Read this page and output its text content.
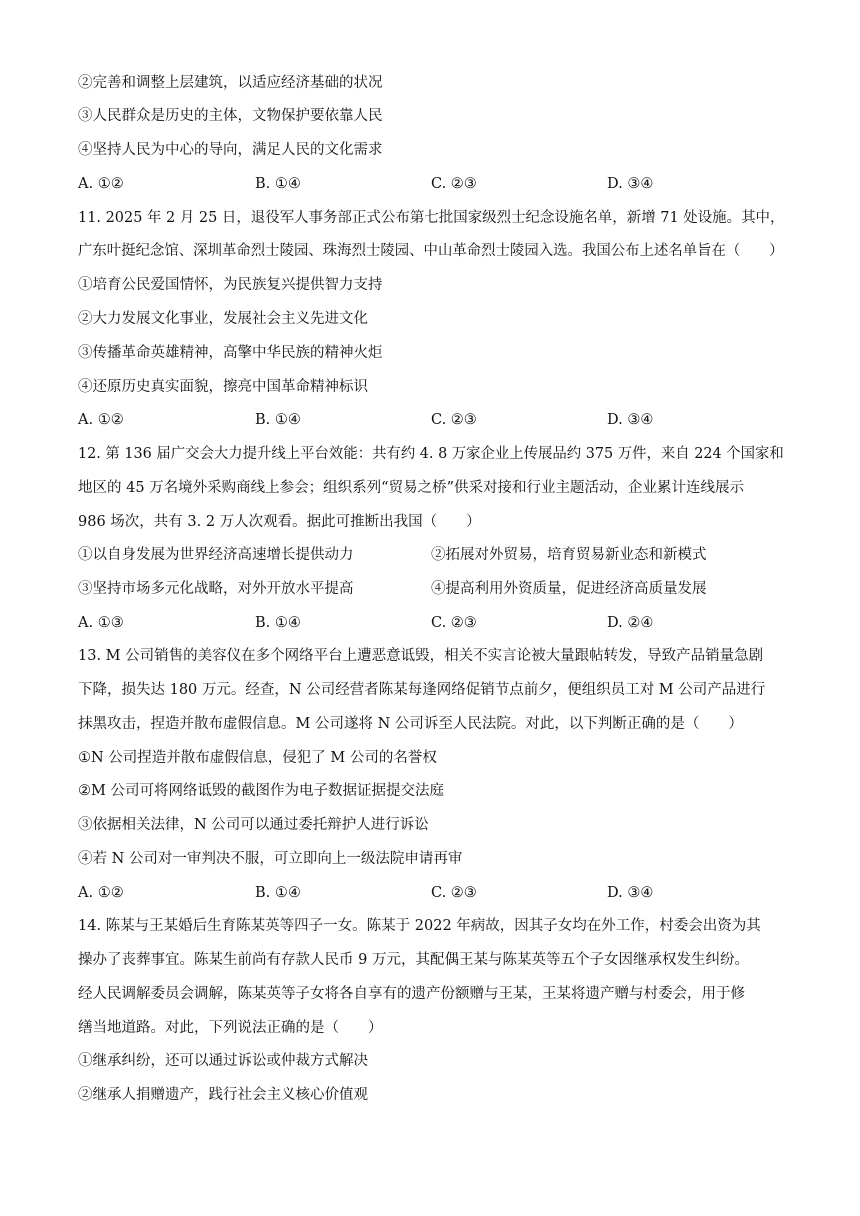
②完善和调整上层建筑，以适应经济基础的状况
③人民群众是历史的主体，文物保护要依靠人民
④坚持人民为中心的导向，满足人民的文化需求
A. ①②	B. ①④	C. ②③	D. ③④
11. 2025 年 2 月 25 日，退役军人事务部正式公布第七批国家级烈士纪念设施名单，新增 71 处设施。其中，
广东叶挺纪念馆、深圳革命烈士陵园、珠海烈士陵园、中山革命烈士陵园入选。我国公布上述名单旨在（　　）
①培育公民爱国情怀，为民族复兴提供智力支持
②大力发展文化事业，发展社会主义先进文化
③传播革命英雄精神，高擎中华民族的精神火炬
④还原历史真实面貌，擦亮中国革命精神标识
A. ①②	B. ①④	C. ②③	D. ③④
12. 第 136 届广交会大力提升线上平台效能：共有约 4. 8 万家企业上传展品约 375 万件，来自 224 个国家和
地区的 45 万名境外采购商线上参会；组织系列“贸易之桥”供采对接和行业主题活动，企业累计连线展示
986 场次，共有 3. 2 万人次观看。据此可推断出我国（　　）
①以自身发展为世界经济高速增长提供动力	②拓展对外贸易，培育贸易新业态和新模式
③坚持市场多元化战略，对外开放水平提高	④提高利用外资质量，促进经济高质量发展
A. ①③	B. ①④	C. ②③	D. ②④
13. M 公司销售的美容仪在多个网络平台上遭恶意诋毁，相关不实言论被大量跟帖转发，导致产品销量急剧
下降，损失达 180 万元。经查，N 公司经营者陈某每逢网络促销节点前夕，便组织员工对 M 公司产品进行
抹黑攻击，捏造并散布虚假信息。M 公司遂将 N 公司诉至人民法院。对此，以下判断正确的是（　　）
①N 公司捏造并散布虚假信息，侵犯了 M 公司的名誉权
②M 公司可将网络诋毁的截图作为电子数据证据提交法庭
③依据相关法律，N 公司可以通过委托辩护人进行诉讼
④若 N 公司对一审判决不服，可立即向上一级法院申请再审
A. ①②	B. ①④	C. ②③	D. ③④
14. 陈某与王某婚后生育陈某英等四子一女。陈某于 2022 年病故，因其子女均在外工作，村委会出资为其
操办了丧葬事宜。陈某生前尚有存款人民币 9 万元，其配偶王某与陈某英等五个子女因继承权发生纠纷。
经人民调解委员会调解，陈某英等子女将各自享有的遗产份额赠与王某，王某将遗产赠与村委会，用于修
缮当地道路。对此，下列说法正确的是（　　）
①继承纠纷，还可以通过诉讼或仲裁方式解决
②继承人捐赠遗产，践行社会主义核心价值观
